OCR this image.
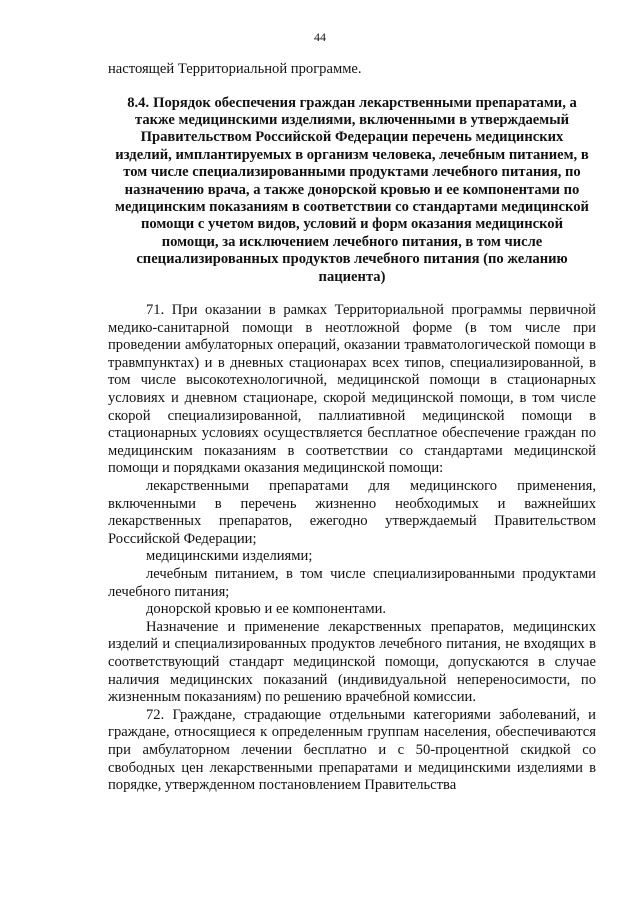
44

настоящей Территориальной программе.

8.4. Порядок обеспечения граждан лекарственными препаратами, а также медицинскими изделиями, включенными в утверждаемый Правительством Российской Федерации перечень медицинских изделий, имплантируемых в организм человека, лечебным питанием, в том числе специализированными продуктами лечебного питания, по назначению врача, а также донорской кровью и ее компонентами по медицинским показаниям в соответствии со стандартами медицинской помощи с учетом видов, условий и форм оказания медицинской помощи, за исключением лечебного питания, в том числе специализированных продуктов лечебного питания (по желанию пациента)

71. При оказании в рамках Территориальной программы первичной медико-санитарной помощи в неотложной форме (в том числе при проведении амбулаторных операций, оказании травматологической помощи в травмпунктах) и в дневных стационарах всех типов, специализированной, в том числе высокотехнологичной, медицинской помощи в стационарных условиях и дневном стационаре, скорой медицинской помощи, в том числе скорой специализированной, паллиативной медицинской помощи в стационарных условиях осуществляется бесплатное обеспечение граждан по медицинским показаниям в соответствии со стандартами медицинской помощи и порядками оказания медицинской помощи:

лекарственными препаратами для медицинского применения, включенными в перечень жизненно необходимых и важнейших лекарственных препаратов, ежегодно утверждаемый Правительством Российской Федерации;

медицинскими изделиями;

лечебным питанием, в том числе специализированными продуктами лечебного питания;

донорской кровью и ее компонентами.

Назначение и применение лекарственных препаратов, медицинских изделий и специализированных продуктов лечебного питания, не входящих в соответствующий стандарт медицинской помощи, допускаются в случае наличия медицинских показаний (индивидуальной непереносимости, по жизненным показаниям) по решению врачебной комиссии.

72. Граждане, страдающие отдельными категориями заболеваний, и граждане, относящиеся к определенным группам населения, обеспечиваются при амбулаторном лечении бесплатно и с 50-процентной скидкой со свободных цен лекарственными препаратами и медицинскими изделиями в порядке, утвержденном постановлением Правительства
